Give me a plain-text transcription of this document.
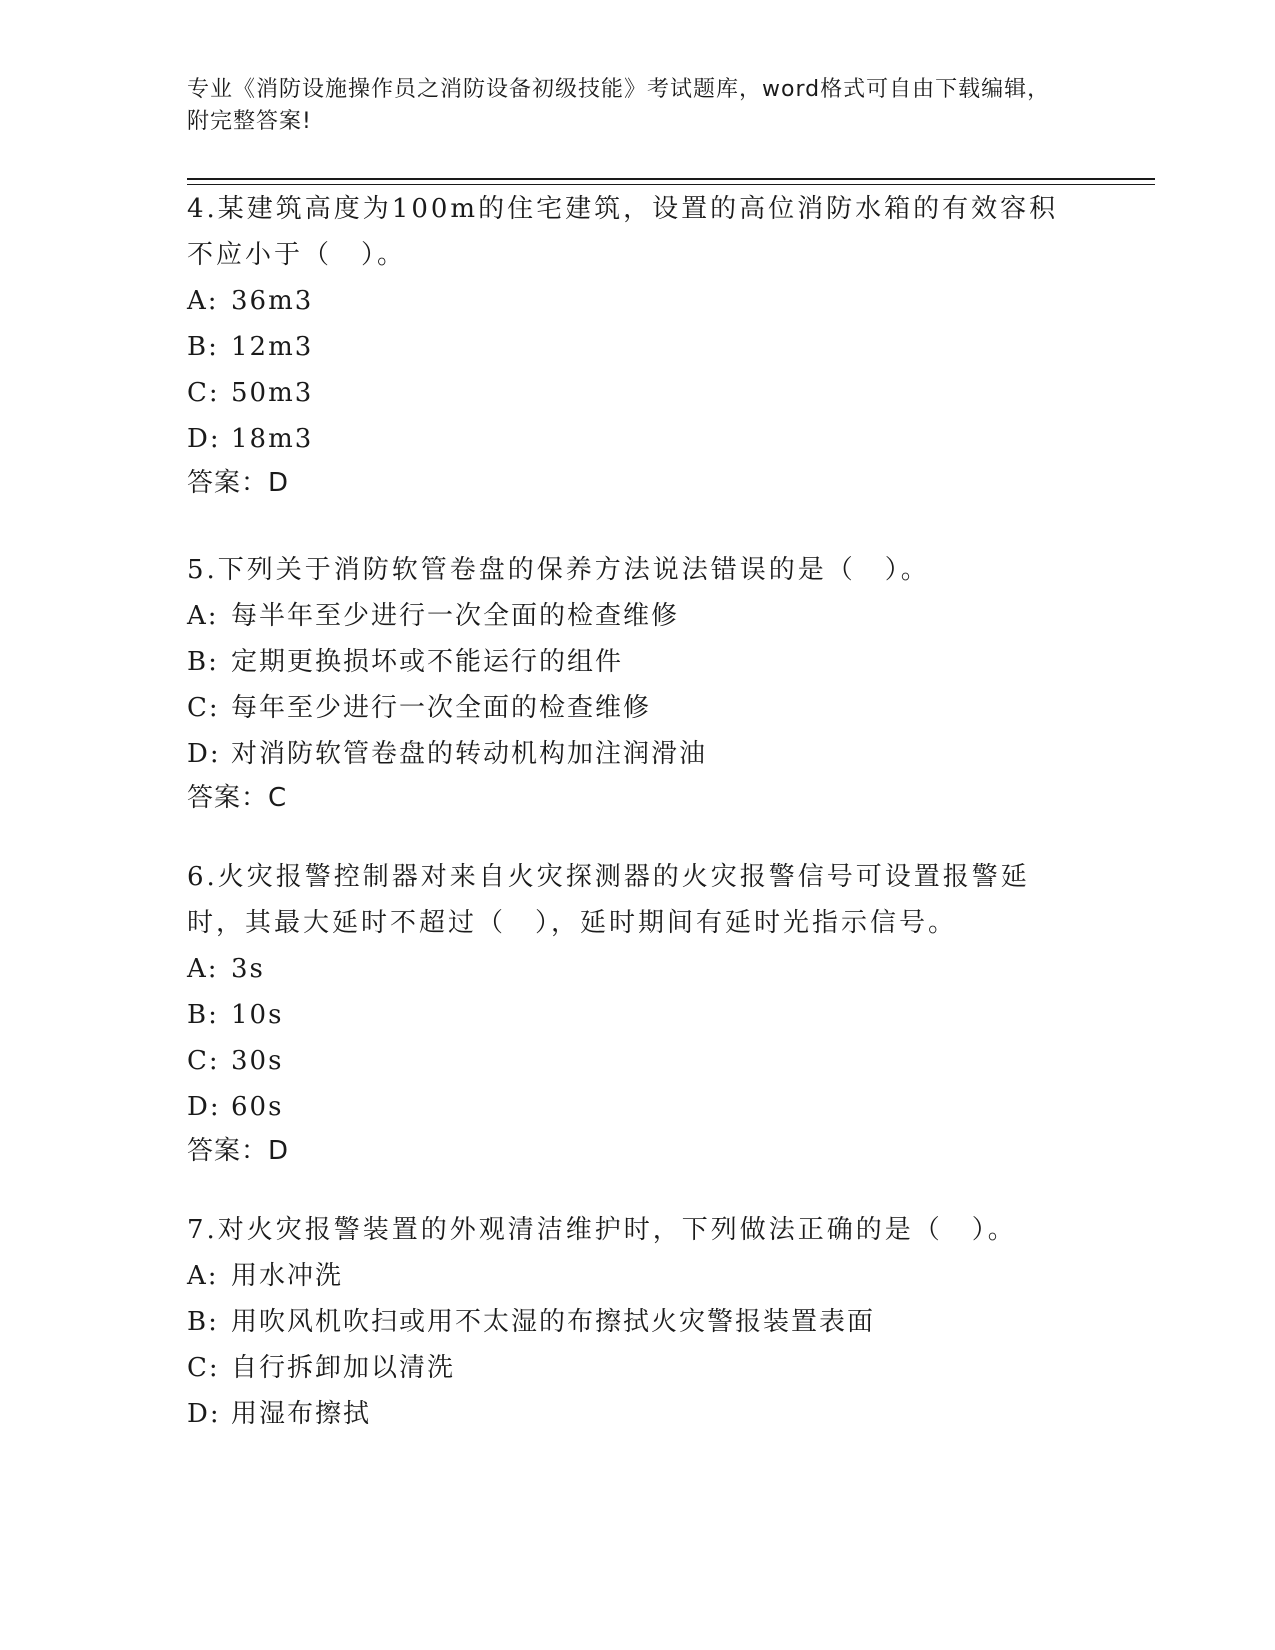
专业《消防设施操作员之消防设备初级技能》考试题库，word格式可自由下载编辑，附完整答案!

4.某建筑高度为100m的住宅建筑，设置的高位消防水箱的有效容积不应小于（　）。

A: 36m3

B: 12m3

C: 50m3

D: 18m3

答案：D

5.下列关于消防软管卷盘的保养方法说法错误的是（　）。

A: 每半年至少进行一次全面的检查维修

B: 定期更换损坏或不能运行的组件

C: 每年至少进行一次全面的检查维修

D: 对消防软管卷盘的转动机构加注润滑油

答案：C

6.火灾报警控制器对来自火灾探测器的火灾报警信号可设置报警延时，其最大延时不超过（　），延时期间有延时光指示信号。

A: 3s

B: 10s

C: 30s

D: 60s

答案：D

7.对火灾报警装置的外观清洁维护时，下列做法正确的是（　）。

A: 用水冲洗

B: 用吹风机吹扫或用不太湿的布擦拭火灾警报装置表面

C: 自行拆卸加以清洗

D: 用湿布擦拭
